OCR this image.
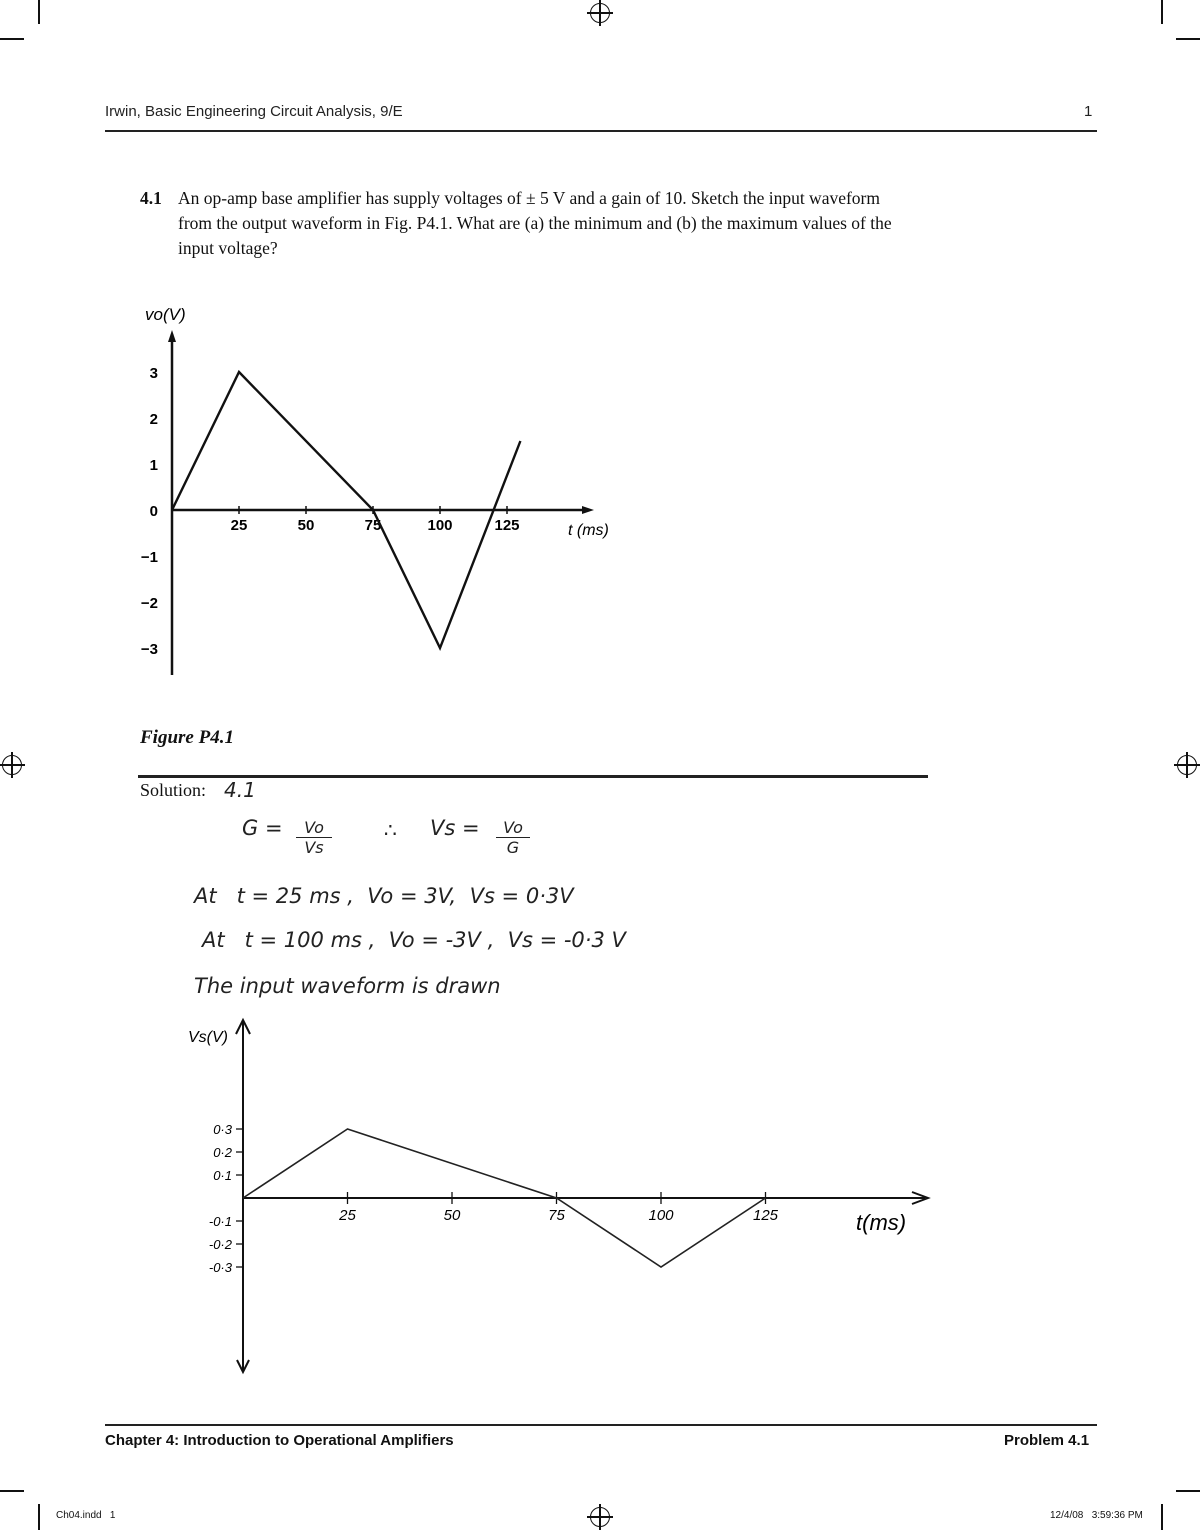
Irwin, Basic Engineering Circuit Analysis, 9/E	1
4.1 An op-amp base amplifier has supply voltages of ± 5 V and a gain of 10. Sketch the input waveform from the output waveform in Fig. P4.1. What are (a) the minimum and (b) the maximum values of the input voltage?
vo(V)
t (ms)
25	50	75	100	125
3
2
1
0
−1
−2
−3
Figure P4.1
Solution: 4.1
$G = \frac{Vo}{Vs}$	∴ $Vs = \frac{Vo}{G}$
At   t = 25 ms ,  Vo = 3V,  Vs = 0·3V
At   t = 100 ms ,  Vo = -3V ,  Vs = -0·3 V
The input waveform is drawn
Vs(V)
t(ms)
25	50	75	100	125
0·3
0·2
0·1
-0·1
-0·2
-0·3
Chapter 4: Introduction to Operational Amplifiers	Problem 4.1
Ch04.indd   1	12/4/08   3:59:36 PM
